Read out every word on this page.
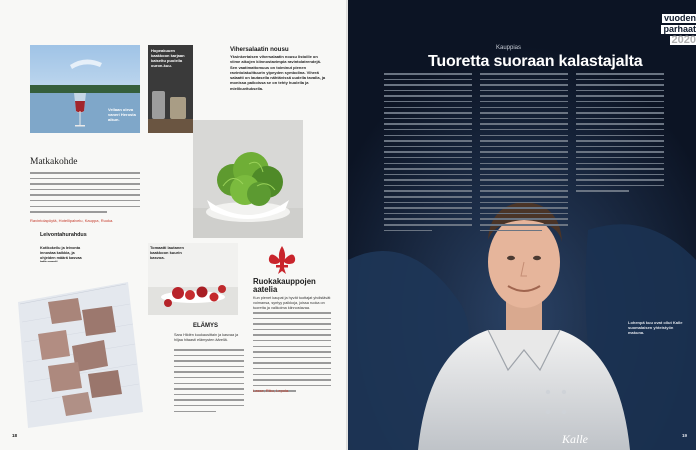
Vellaan oleva vaneri Herosta aikun.
Hopeakuuen kaakkoon karjaan kaiseltu puolella ouron-kuu.
Vihersalaatin nousu
Yksinkertaisen vihersalaatin nousu listoille on viime aikojen kiinnostavimpia ravintolatrendejä. Sen vaatimattomuus on toiminut pienen ravintolakulttuurin ylpeyden symbolina. Vihreä salaatti on lautasella nähtävissä uudella tavalla, ja monissa paikoissa se on tehty huolella ja mielikuvituksella.
Matkakohde
Ravintolapöytä, Hotellipalvelu, Kauppa, Ruoka.
Leivontahurahdus
Kotikokeilu ja leivonta innostaa kaikkia, ja ohjeiden määrä kasvaa
Tomaatti lautanen kaakkoon kuurin kasvoa.
Ruokakauppojen
aatelia
Kun pienet kaupat ja hyvät tuottajat yhdistävät voimansa, syntyy paikkoja, joissa ruoka on tuoretta ja valikoima kiinnostavaa.
Lasse, Riku, Lepola.
ELÄMYS
Sara Hildén kuukausittain ja kasvaa ja hiljaa hitaasti elämysten äärellä.
18
vuoden
parhaat
2020
Kauppias
Tuoretta suoraan kalastajalta
Lohenpä kuu ovat ollut Kalle suomalaisen yhteistyön makuna.
Kalle	19
